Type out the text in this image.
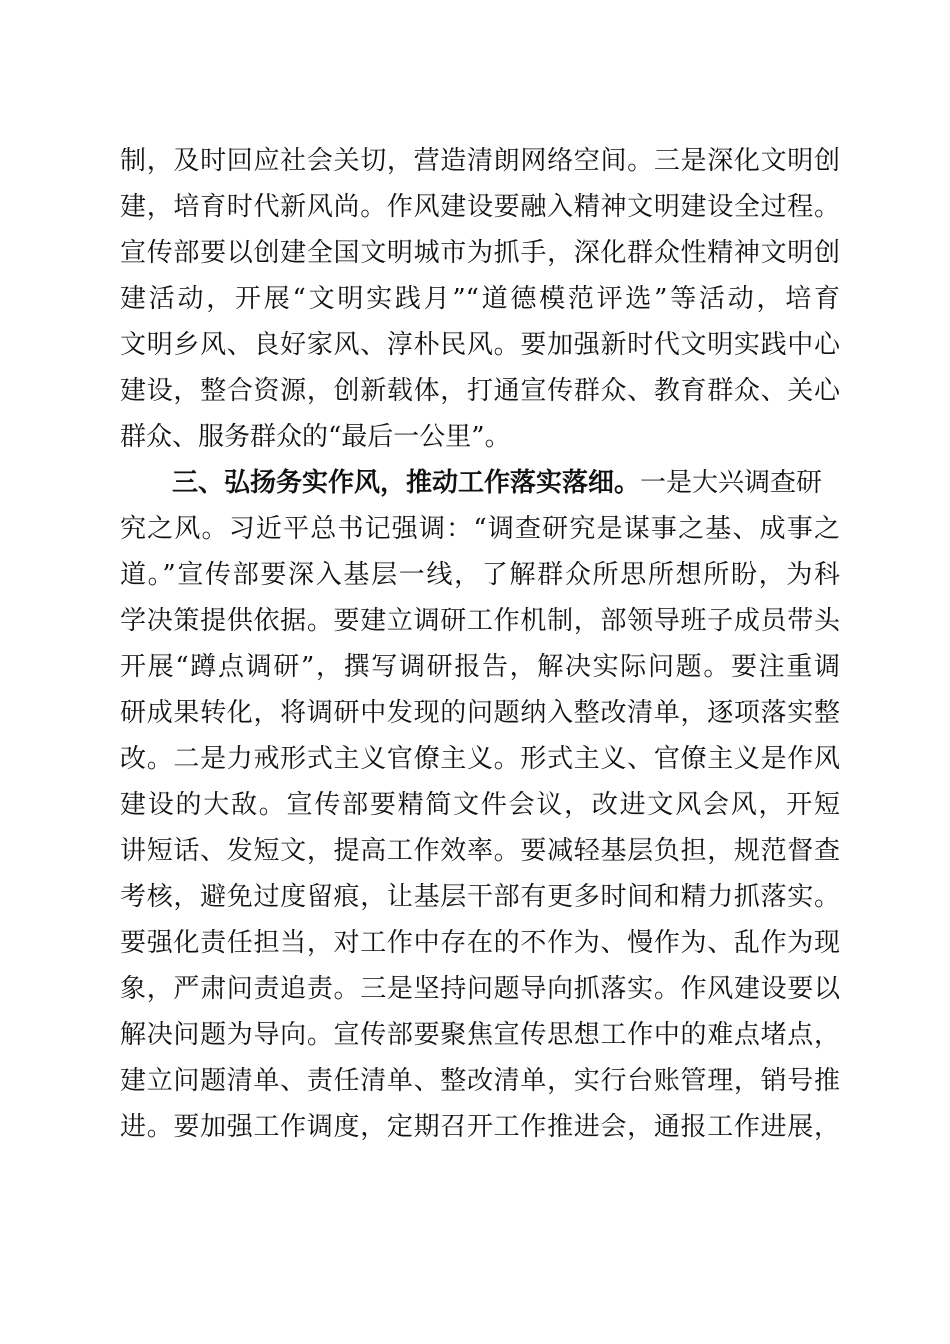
制，及时回应社会关切，营造清朗网络空间。三是深化文明创
建，培育时代新风尚。作风建设要融入精神文明建设全过程。
宣传部要以创建全国文明城市为抓手，深化群众性精神文明创
建活动，开展“文明实践月”“道德模范评选”等活动，培育
文明乡风、良好家风、淳朴民风。要加强新时代文明实践中心
建设，整合资源，创新载体，打通宣传群众、教育群众、关心
群众、服务群众的“最后一公里”。
三、弘扬务实作风，推动工作落实落细。一是大兴调查研
究之风。习近平总书记强调：“调查研究是谋事之基、成事之
道。”宣传部要深入基层一线，了解群众所思所想所盼，为科
学决策提供依据。要建立调研工作机制，部领导班子成员带头
开展“蹲点调研”，撰写调研报告，解决实际问题。要注重调
研成果转化，将调研中发现的问题纳入整改清单，逐项落实整
改。二是力戒形式主义官僚主义。形式主义、官僚主义是作风
建设的大敌。宣传部要精简文件会议，改进文风会风，开短
讲短话、发短文，提高工作效率。要减轻基层负担，规范督查
考核，避免过度留痕，让基层干部有更多时间和精力抓落实。
要强化责任担当，对工作中存在的不作为、慢作为、乱作为现
象，严肃问责追责。三是坚持问题导向抓落实。作风建设要以
解决问题为导向。宣传部要聚焦宣传思想工作中的难点堵点，
建立问题清单、责任清单、整改清单，实行台账管理，销号推
进。要加强工作调度，定期召开工作推进会，通报工作进展，
